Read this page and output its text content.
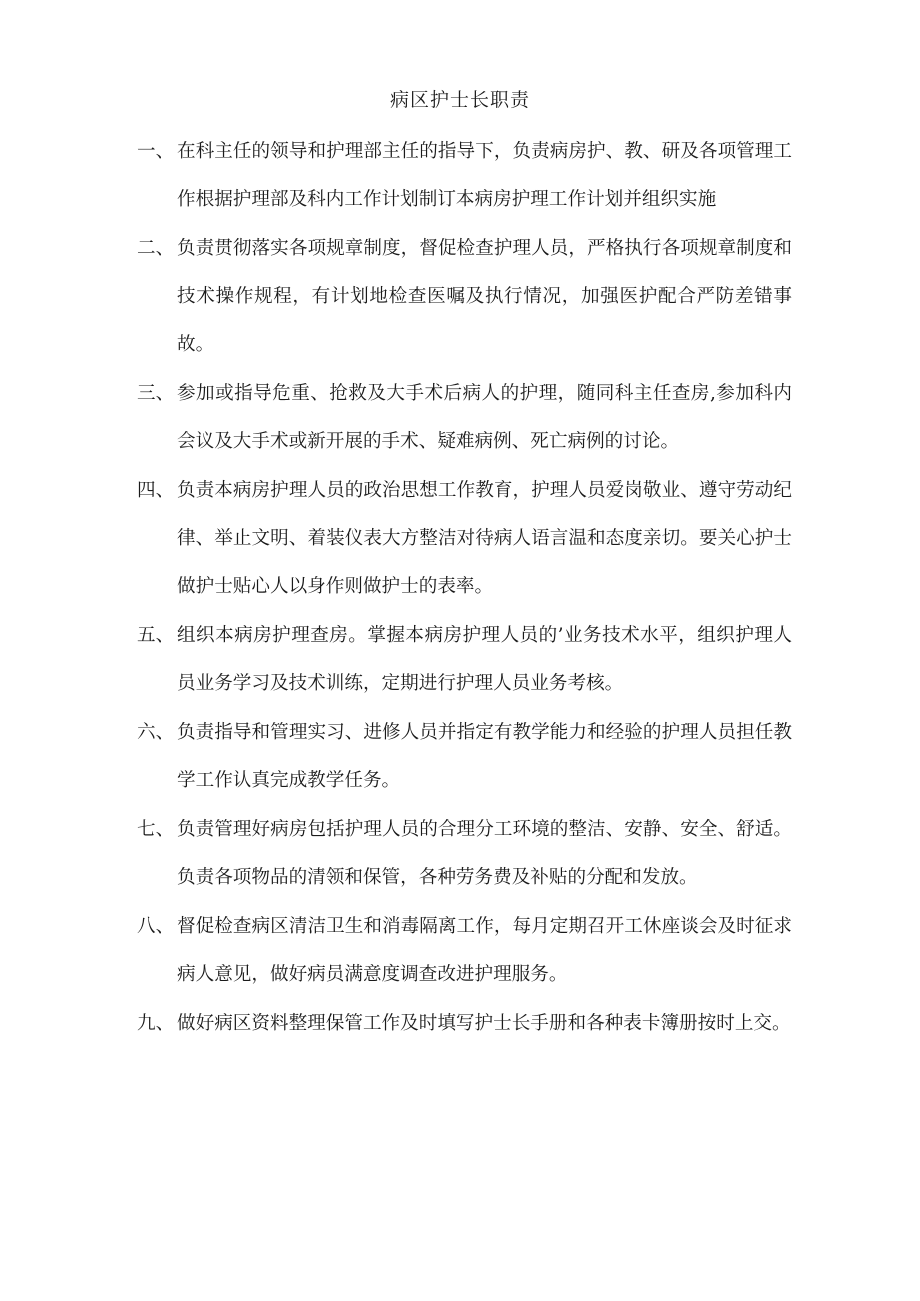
病区护士长职责
一、 在科主任的领导和护理部主任的指导下，负责病房护、教、研及各项管理工作根据护理部及科内工作计划制订本病房护理工作计划并组织实施
二、 负责贯彻落实各项规章制度，督促检查护理人员，严格执行各项规章制度和技术操作规程，有计划地检查医嘱及执行情况，加强医护配合严防差错事故。
三、 参加或指导危重、抢救及大手术后病人的护理，随同科主任查房,参加科内会议及大手术或新开展的手术、疑难病例、死亡病例的讨论。
四、 负责本病房护理人员的政治思想工作教育，护理人员爱岗敬业、遵守劳动纪律、举止文明、着装仪表大方整洁对待病人语言温和态度亲切。要关心护士做护士贴心人以身作则做护士的表率。
五、 组织本病房护理查房。掌握本病房护理人员的’业务技术水平，组织护理人员业务学习及技术训练，定期进行护理人员业务考核。
六、 负责指导和管理实习、进修人员并指定有教学能力和经验的护理人员担任教学工作认真完成教学任务。
七、 负责管理好病房包括护理人员的合理分工环境的整洁、安静、安全、舒适。负责各项物品的清领和保管，各种劳务费及补贴的分配和发放。
八、 督促检查病区清洁卫生和消毒隔离工作，每月定期召开工休座谈会及时征求病人意见，做好病员满意度调查改进护理服务。
九、 做好病区资料整理保管工作及时填写护士长手册和各种表卡簿册按时上交。
